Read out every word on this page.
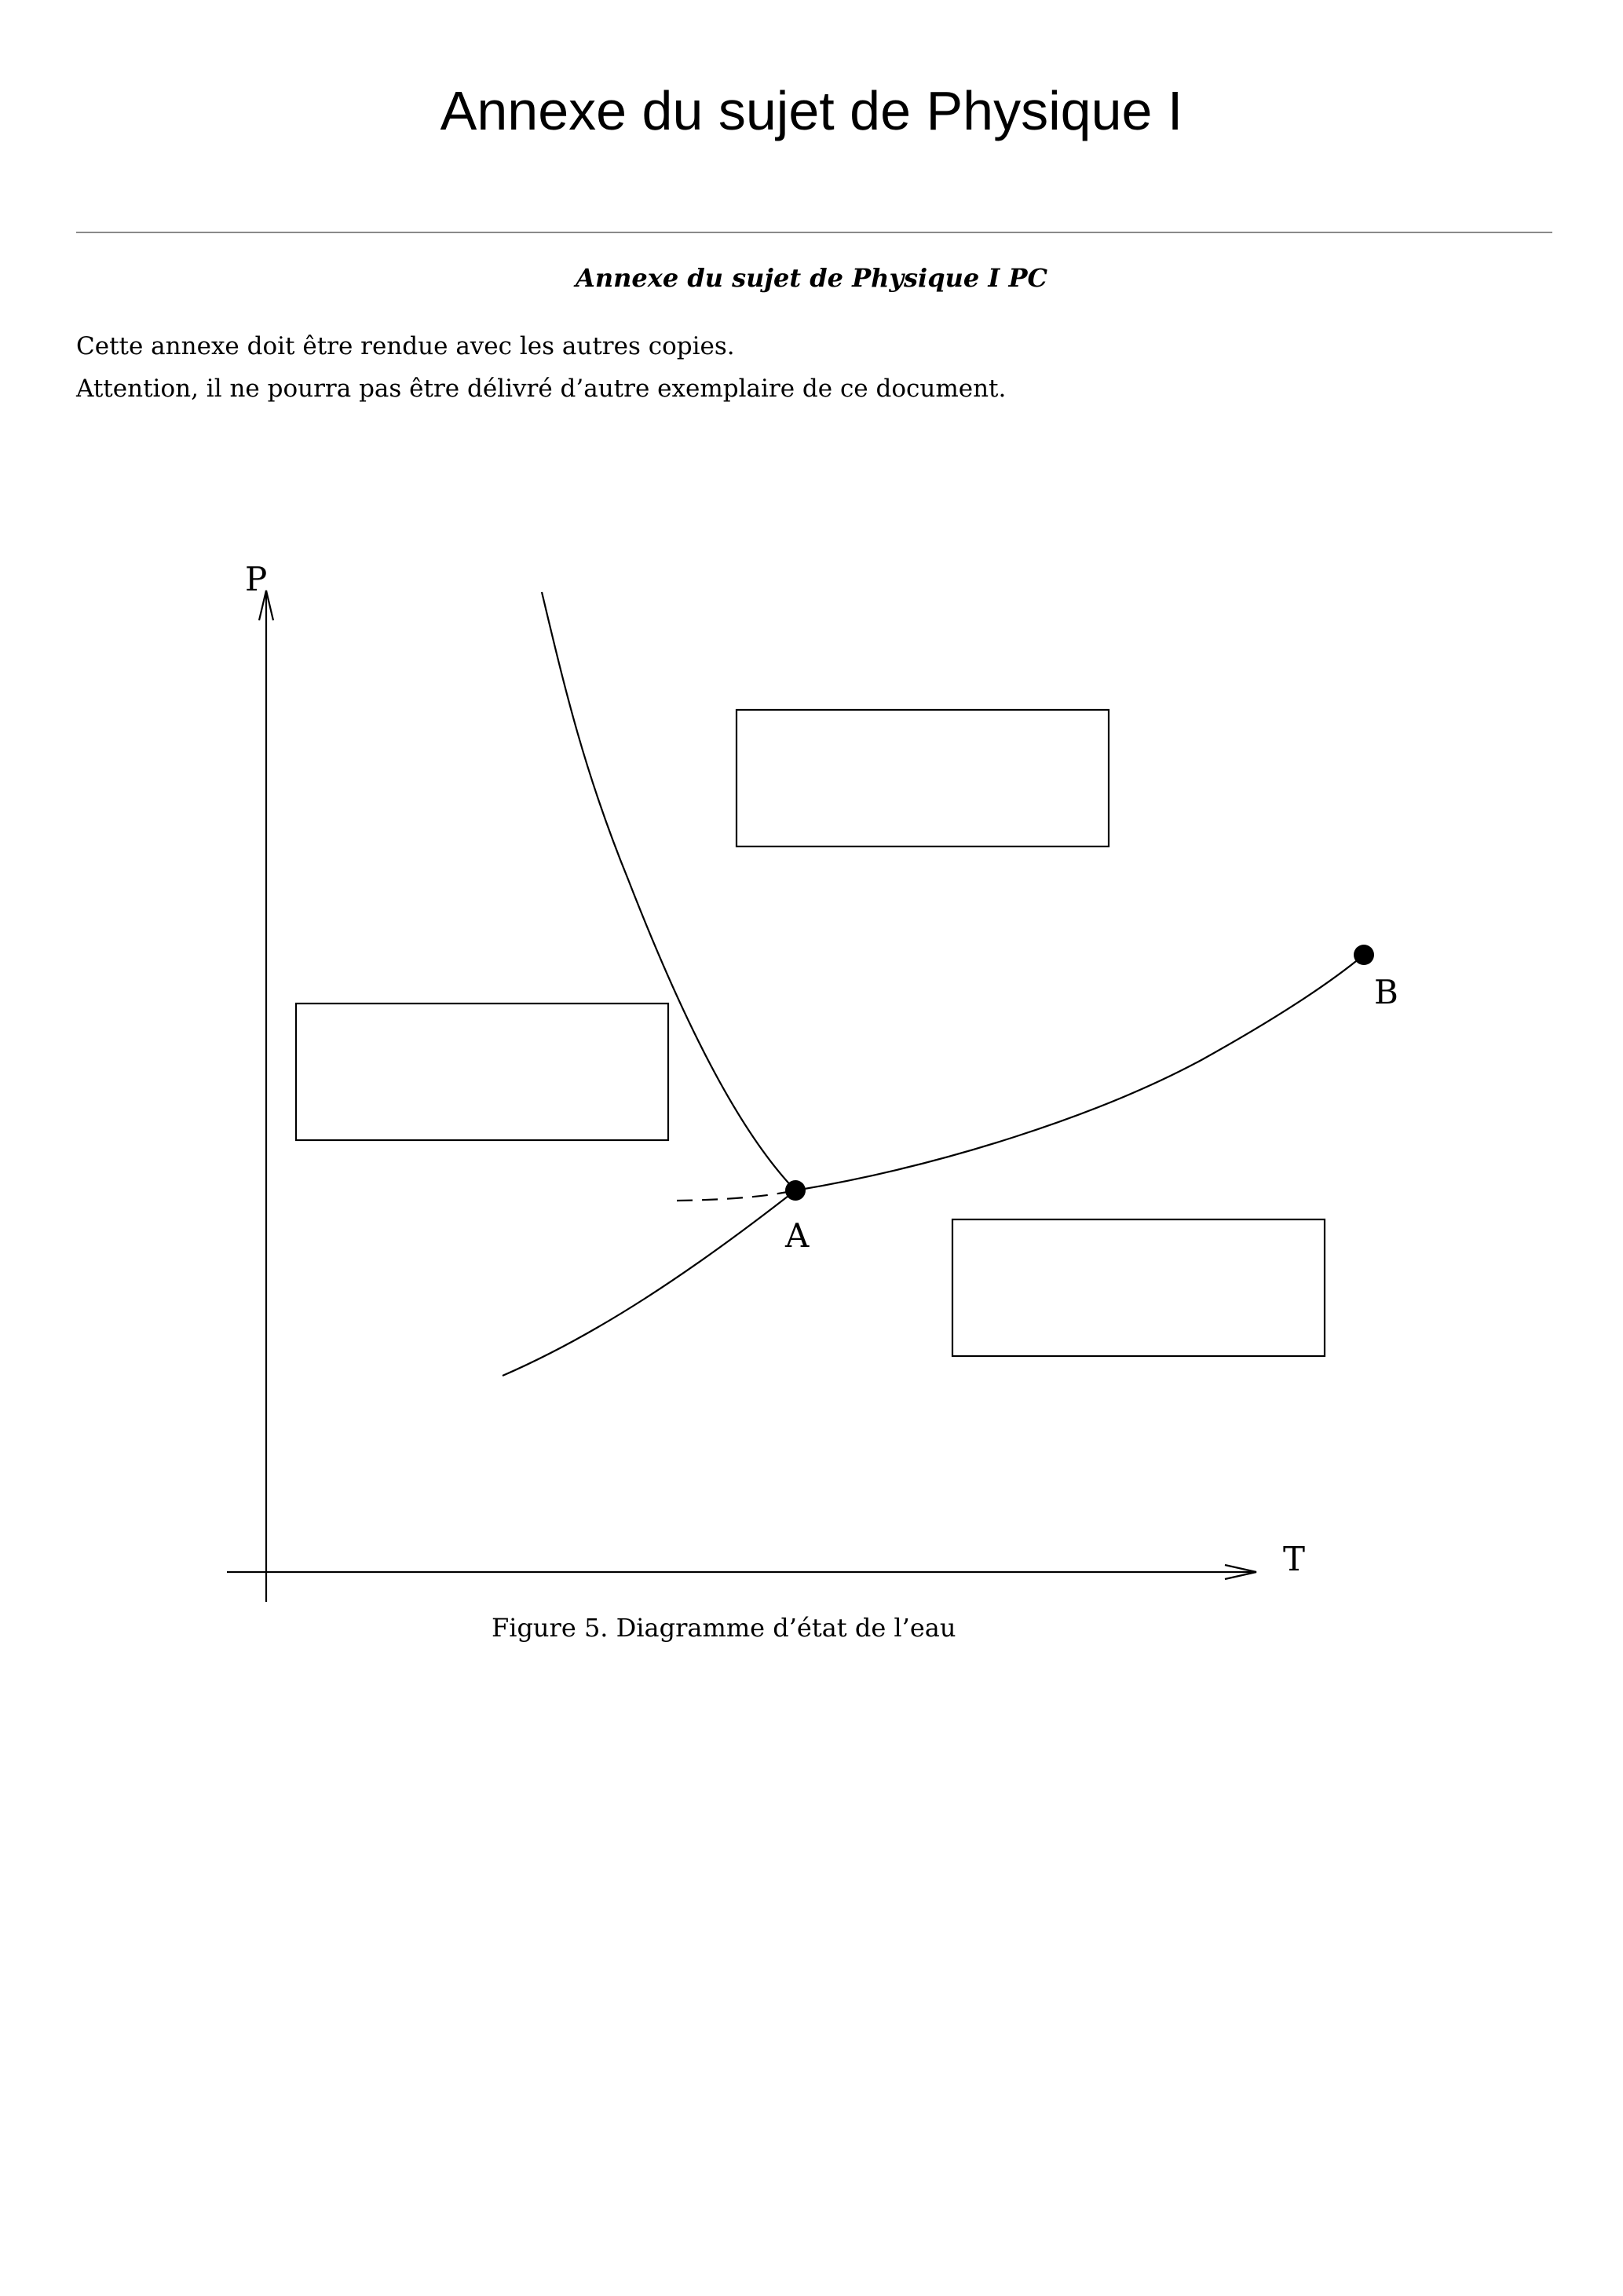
Annexe du sujet de Physique I
Annexe du sujet de Physique I PC
Cette annexe doit être rendue avec les autres copies.
Attention, il ne pourra pas être délivré d’autre exemplaire de ce document.
P
T
A
B
Figure 5. Diagramme d’état de l’eau
